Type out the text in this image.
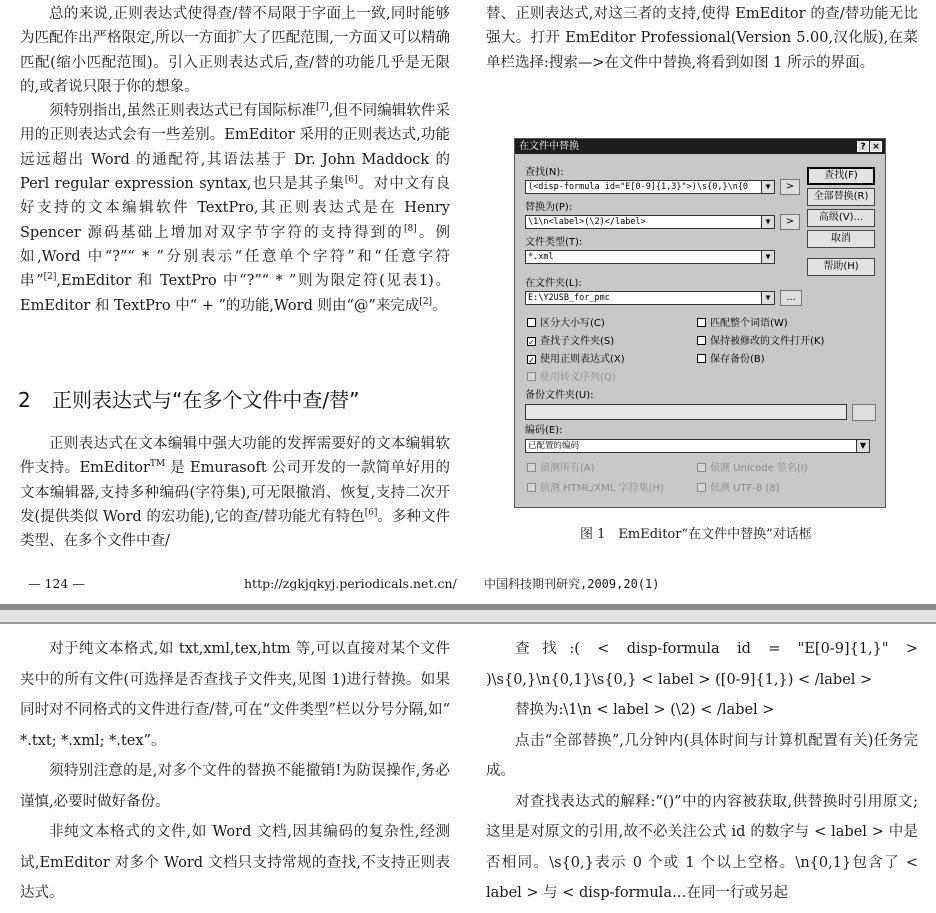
总的来说,正则表达式使得查/替不局限于字面上一致,同时能够为匹配作出严格限定,所以一方面扩大了匹配范围,一方面又可以精确匹配(缩小匹配范围)。引入正则表达式后,查/替的功能几乎是无限的,或者说只限于你的想象。

须特别指出,虽然正则表达式已有国际标准[7],但不同编辑软件采用的正则表达式会有一些差别。EmEditor 采用的正则表达式,功能远远超出 Word 的通配符,其语法基于 Dr. John Maddock 的 Perl regular expression syntax,也只是其子集[6]。对中文有良好支持的文本编辑软件 TextPro,其正则表达式是在 Henry Spencer 源码基础上增加对双字节字符的支持得到的[8]。例如,Word 中“?”“ * ”分别表示“任意单个字符”和“任意字符串”[2],EmEditor 和 TextPro 中“?”“ * ”则为限定符(见表1)。EmEditor 和 TextPro 中“ + ”的功能,Word 则由“@”来完成[2]。

2 正则表达式与“在多个文件中查/替”

正则表达式在文本编辑中强大功能的发挥需要好的文本编辑软件支持。EmEditor™ 是 Emurasoft 公司开发的一款简单好用的文本编辑器,支持多种编码(字符集),可无限撤消、恢复,支持二次开发(提供类似 Word 的宏功能),它的查/替功能尤有特色[6]。多种文件类型、在多个文件中查/

替、正则表达式,对这三者的支持,使得 EmEditor 的查/替功能无比强大。打开 EmEditor Professional(Version 5.00,汉化版),在菜单栏选择:搜索—>在文件中替换,将看到如图 1 所示的界面。

在文件中替换	? ×
查找(N):
(<disp-formula id="E[0-9]{1,3}">)\s{0,}\n{0	▼	>
替换为(P):
\1\n<label>(\2)</label>	▼	>
文件类型(T):
*.xml	▼
在文件夹(L):
E:\Y2USB_for_pmc	▼	...
查找(F)
全部替换(R)
高级(V)...
取消
帮助(H)
区分大小写(C)	匹配整个词语(W)
✓ 查找子文件夹(S)	保持被修改的文件打开(K)
✓ 使用正则表达式(X)	保存备份(B)
使用转义序列(Q)
备份文件夹(U):
编码(E):
已配置的编码	▼
侦测所有(A)	侦测 Unicode 签名(I)
侦测 HTML/XML 字符集(H)	侦测 UTF-8 (8)
图 1　EmEditor“在文件中替换”对话框
— 124 —	http://zgkjqkyj.periodicals.net.cn/ 中国科技期刊研究,2009,20(1)

对于纯文本格式,如 txt,xml,tex,htm 等,可以直接对某个文件夹中的所有文件(可选择是否查找子文件夹,见图 1)进行替换。如果同时对不同格式的文件进行查/替,可在“文件类型”栏以分号分隔,如“ *.txt; *.xml; *.tex”。

须特别注意的是,对多个文件的替换不能撤销!为防误操作,务必谨慎,必要时做好备份。

非纯文本格式的文件,如 Word 文档,因其编码的复杂性,经测试,EmEditor 对多个 Word 文档只支持常规的查找,不支持正则表达式。

查找:( < disp-formula id = "E[0-9]{1,}" > )\s{0,}\n{0,1}\s{0,} < label > ([0-9]{1,}) < /label >

替换为:\1\n < label > (\2) < /label >

点击“全部替换”,几分钟内(具体时间与计算机配置有关)任务完成。

对查找表达式的解释:“()”中的内容被获取,供替换时引用原文;这里是对原文的引用,故不必关注公式 id 的数字与 < label > 中是否相同。\s{0,}表示 0 个或 1 个以上空格。\n{0,1}包含了 < label > 与 < disp-formula…在同一行或另起
